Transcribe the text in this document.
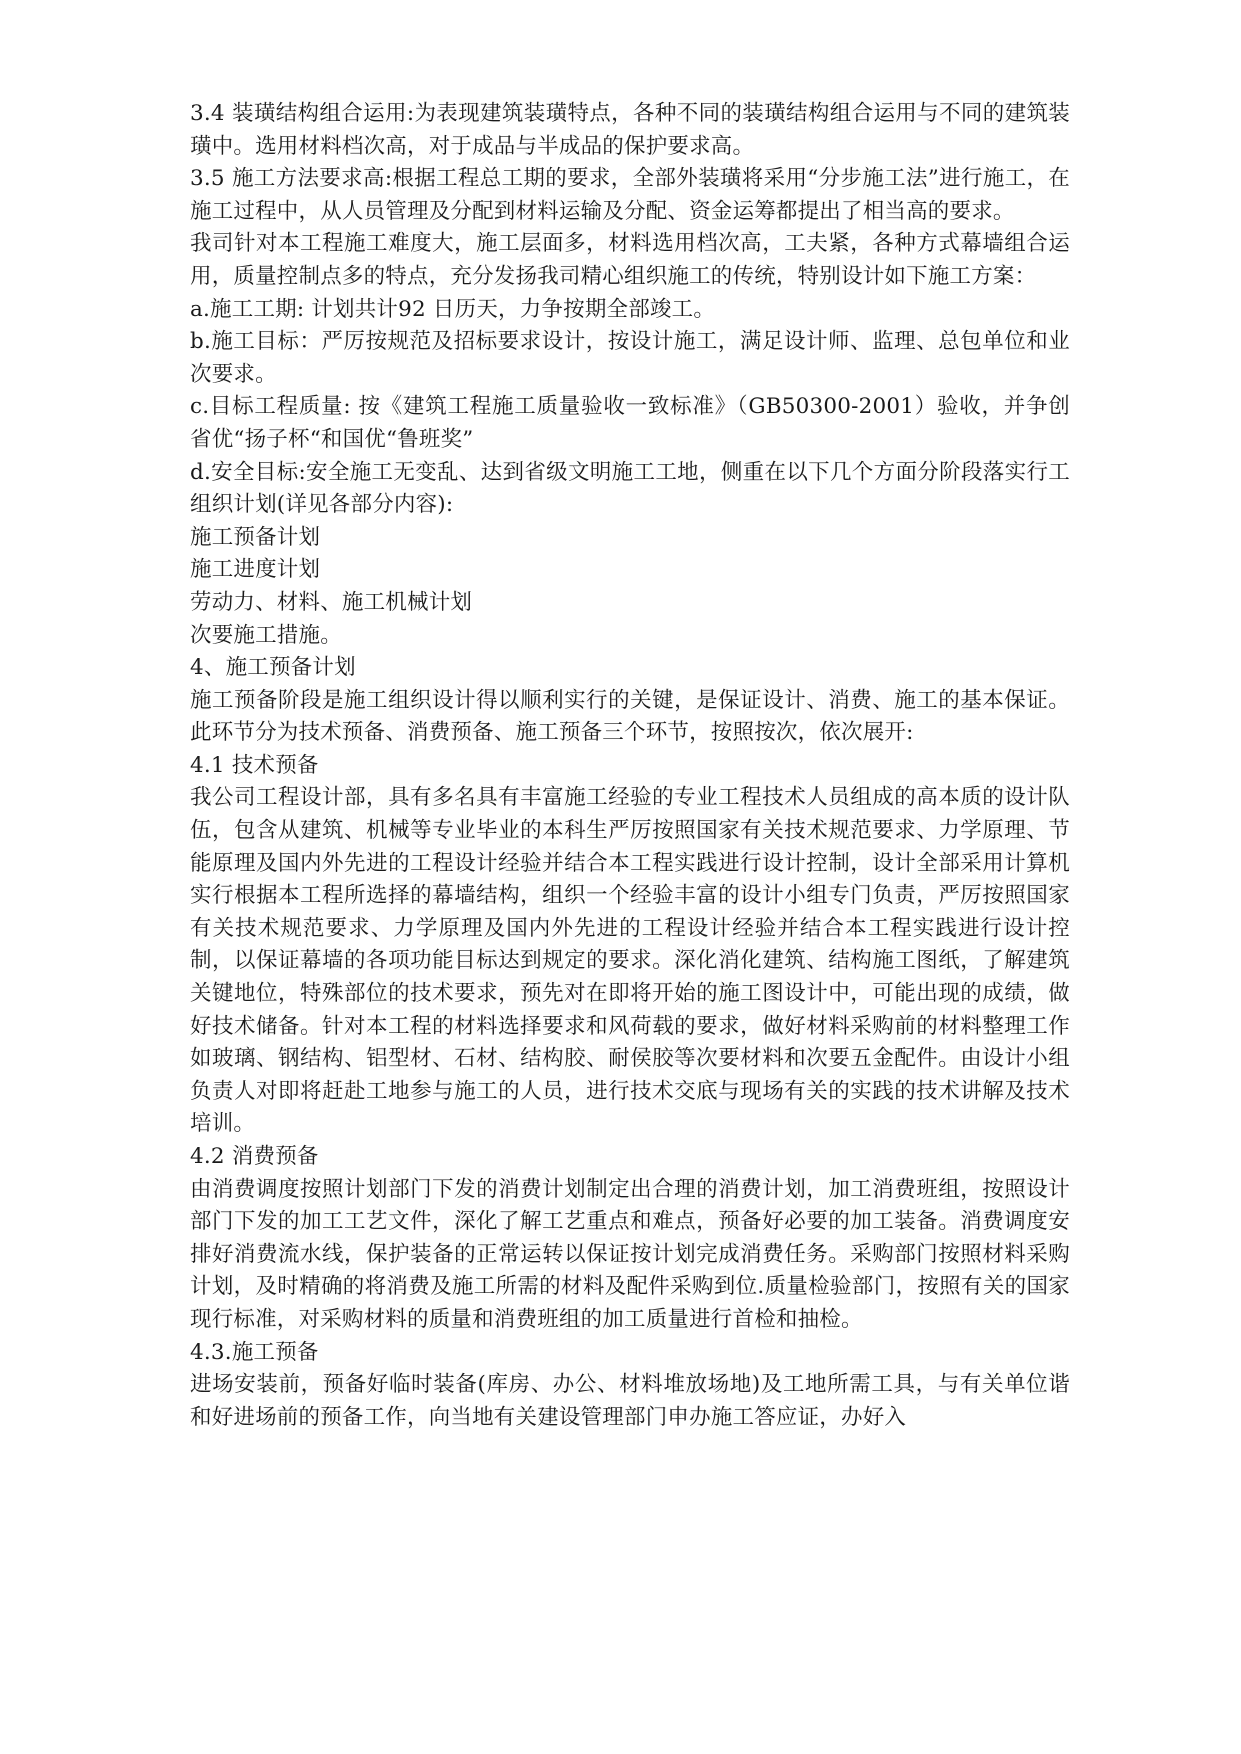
3.4 装璜结构组合运用:为表现建筑装璜特点，各种不同的装璜结构组合运用与不同的建筑装璜中。选用材料档次高，对于成品与半成品的保护要求高。

3.5 施工方法要求高:根据工程总工期的要求，全部外装璜将采用“分步施工法”进行施工，在施工过程中，从人员管理及分配到材料运输及分配、资金运筹都提出了相当高的要求。

我司针对本工程施工难度大，施工层面多，材料选用档次高，工夫紧，各种方式幕墙组合运用，质量控制点多的特点，充分发扬我司精心组织施工的传统，特别设计如下施工方案：

a.施工工期: 计划共计92 日历天，力争按期全部竣工。

b.施工目标：严厉按规范及招标要求设计，按设计施工，满足设计师、监理、总包单位和业次要求。

c.目标工程质量: 按《建筑工程施工质量验收一致标准》（GB50300-2001）验收，并争创省优“扬子杯“和国优“鲁班奖”

d.安全目标:安全施工无变乱、达到省级文明施工工地，侧重在以下几个方面分阶段落实行工组织计划(详见各部分内容):

施工预备计划

施工进度计划

劳动力、材料、施工机械计划

次要施工措施。

4、施工预备计划

施工预备阶段是施工组织设计得以顺利实行的关键，是保证设计、消费、施工的基本保证。此环节分为技术预备、消费预备、施工预备三个环节，按照按次，依次展开:

4.1 技术预备

我公司工程设计部，具有多名具有丰富施工经验的专业工程技术人员组成的高本质的设计队伍，包含从建筑、机械等专业毕业的本科生严厉按照国家有关技术规范要求、力学原理、节能原理及国内外先进的工程设计经验并结合本工程实践进行设计控制，设计全部采用计算机实行根据本工程所选择的幕墙结构，组织一个经验丰富的设计小组专门负责，严厉按照国家有关技术规范要求、力学原理及国内外先进的工程设计经验并结合本工程实践进行设计控制，以保证幕墙的各项功能目标达到规定的要求。深化消化建筑、结构施工图纸，了解建筑关键地位，特殊部位的技术要求，预先对在即将开始的施工图设计中，可能出现的成绩，做好技术储备。针对本工程的材料选择要求和风荷载的要求，做好材料采购前的材料整理工作如玻璃、钢结构、铝型材、石材、结构胶、耐侯胶等次要材料和次要五金配件。由设计小组负责人对即将赶赴工地参与施工的人员，进行技术交底与现场有关的实践的技术讲解及技术培训。

4.2 消费预备

由消费调度按照计划部门下发的消费计划制定出合理的消费计划，加工消费班组，按照设计部门下发的加工工艺文件，深化了解工艺重点和难点，预备好必要的加工装备。消费调度安排好消费流水线，保护装备的正常运转以保证按计划完成消费任务。采购部门按照材料采购计划，及时精确的将消费及施工所需的材料及配件采购到位.质量检验部门，按照有关的国家现行标准，对采购材料的质量和消费班组的加工质量进行首检和抽检。

4.3.施工预备

进场安装前，预备好临时装备(库房、办公、材料堆放场地)及工地所需工具，与有关单位谐和好进场前的预备工作，向当地有关建设管理部门申办施工答应证，办好入
